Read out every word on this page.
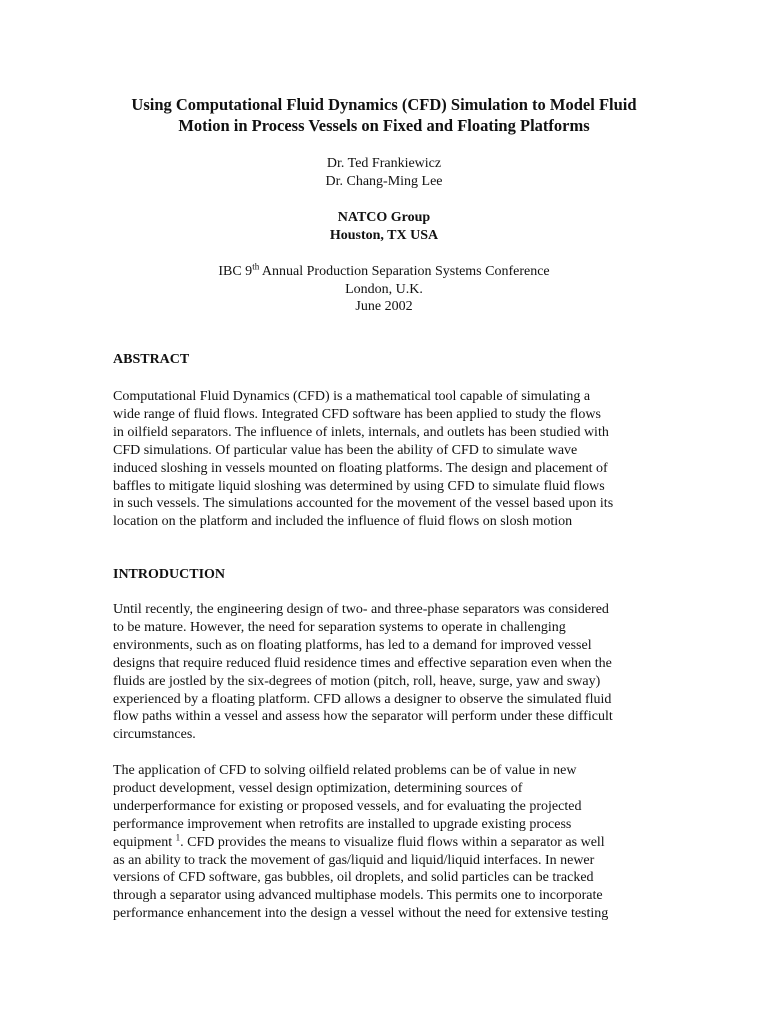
Using Computational Fluid Dynamics (CFD) Simulation to Model Fluid
Motion in Process Vessels on Fixed and Floating Platforms
Dr. Ted Frankiewicz
Dr. Chang-Ming Lee
NATCO Group
Houston, TX USA
IBC 9th Annual Production Separation Systems Conference
London, U.K.
June 2002
ABSTRACT
Computational Fluid Dynamics (CFD) is a mathematical tool capable of simulating a
wide range of fluid flows. Integrated CFD software has been applied to study the flows
in oilfield separators. The influence of inlets, internals, and outlets has been studied with
CFD simulations. Of particular value has been the ability of CFD to simulate wave
induced sloshing in vessels mounted on floating platforms. The design and placement of
baffles to mitigate liquid sloshing was determined by using CFD to simulate fluid flows
in such vessels. The simulations accounted for the movement of the vessel based upon its
location on the platform and included the influence of fluid flows on slosh motion
INTRODUCTION
Until recently, the engineering design of two- and three-phase separators was considered
to be mature. However, the need for separation systems to operate in challenging
environments, such as on floating platforms, has led to a demand for improved vessel
designs that require reduced fluid residence times and effective separation even when the
fluids are jostled by the six-degrees of motion (pitch, roll, heave, surge, yaw and sway)
experienced by a floating platform. CFD allows a designer to observe the simulated fluid
flow paths within a vessel and assess how the separator will perform under these difficult
circumstances.
The application of CFD to solving oilfield related problems can be of value in new
product development, vessel design optimization, determining sources of
underperformance for existing or proposed vessels, and for evaluating the projected
performance improvement when retrofits are installed to upgrade existing process
equipment $^1$. CFD provides the means to visualize fluid flows within a separator as well
as an ability to track the movement of gas/liquid and liquid/liquid interfaces. In newer
versions of CFD software, gas bubbles, oil droplets, and solid particles can be tracked
through a separator using advanced multiphase models. This permits one to incorporate
performance enhancement into the design a vessel without the need for extensive testing
